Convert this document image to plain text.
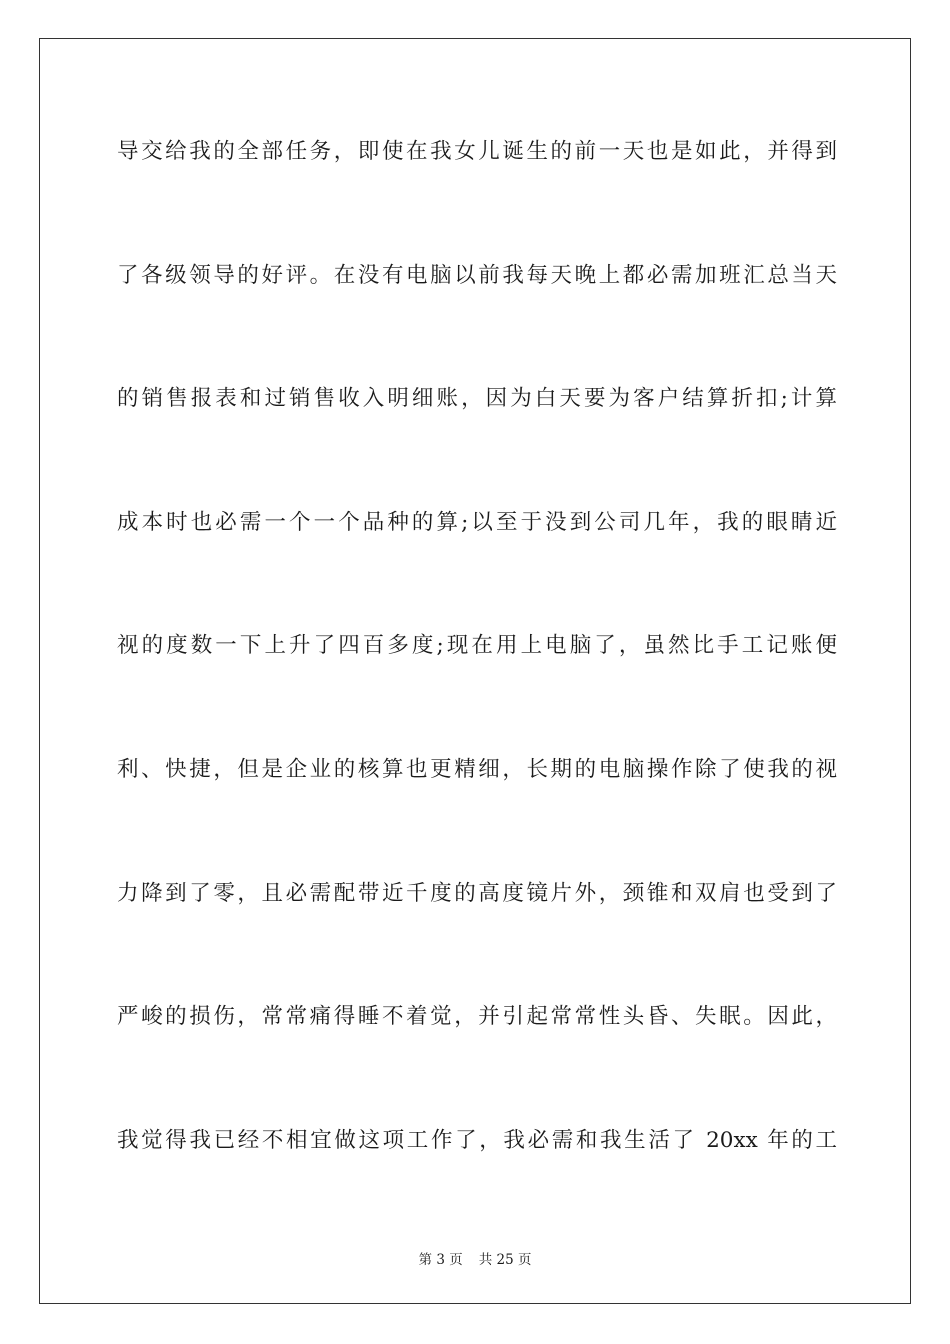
导交给我的全部任务，即使在我女儿诞生的前一天也是如此，并得到
了各级领导的好评。在没有电脑以前我每天晚上都必需加班汇总当天
的销售报表和过销售收入明细账，因为白天要为客户结算折扣;计算
成本时也必需一个一个品种的算;以至于没到公司几年，我的眼睛近
视的度数一下上升了四百多度;现在用上电脑了，虽然比手工记账便
利、快捷，但是企业的核算也更精细，长期的电脑操作除了使我的视
力降到了零，且必需配带近千度的高度镜片外，颈锥和双肩也受到了
严峻的损伤，常常痛得睡不着觉，并引起常常性头昏、失眠。因此，
我觉得我已经不相宜做这项工作了，我必需和我生活了 20xx 年的工
第 3 页 共 25 页
